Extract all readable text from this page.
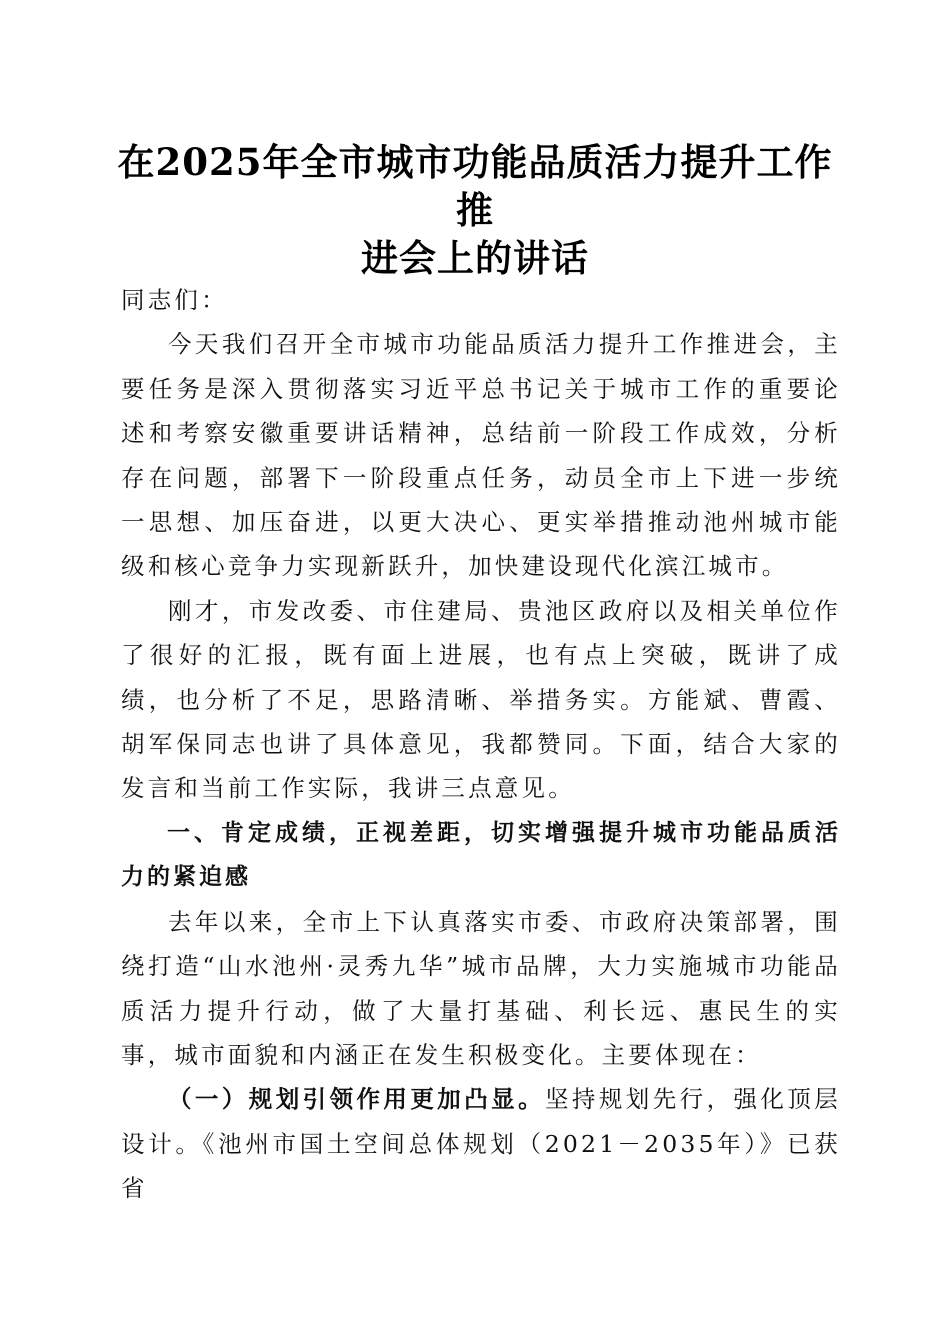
在2025年全市城市功能品质活力提升工作推
进会上的讲话

同志们：

今天我们召开全市城市功能品质活力提升工作推进会，主要任务是深入贯彻落实习近平总书记关于城市工作的重要论述和考察安徽重要讲话精神，总结前一阶段工作成效，分析存在问题，部署下一阶段重点任务，动员全市上下进一步统一思想、加压奋进，以更大决心、更实举措推动池州城市能级和核心竞争力实现新跃升，加快建设现代化滨江城市。

刚才，市发改委、市住建局、贵池区政府以及相关单位作了很好的汇报，既有面上进展，也有点上突破，既讲了成绩，也分析了不足，思路清晰、举措务实。方能斌、曹霞、胡军保同志也讲了具体意见，我都赞同。下面，结合大家的发言和当前工作实际，我讲三点意见。

一、肯定成绩，正视差距，切实增强提升城市功能品质活力的紧迫感

去年以来，全市上下认真落实市委、市政府决策部署，围绕打造“山水池州·灵秀九华”城市品牌，大力实施城市功能品质活力提升行动，做了大量打基础、利长远、惠民生的实事，城市面貌和内涵正在发生积极变化。主要体现在：

（一）规划引领作用更加凸显。坚持规划先行，强化顶层设计。《池州市国土空间总体规划（2021－2035年）》已获省
